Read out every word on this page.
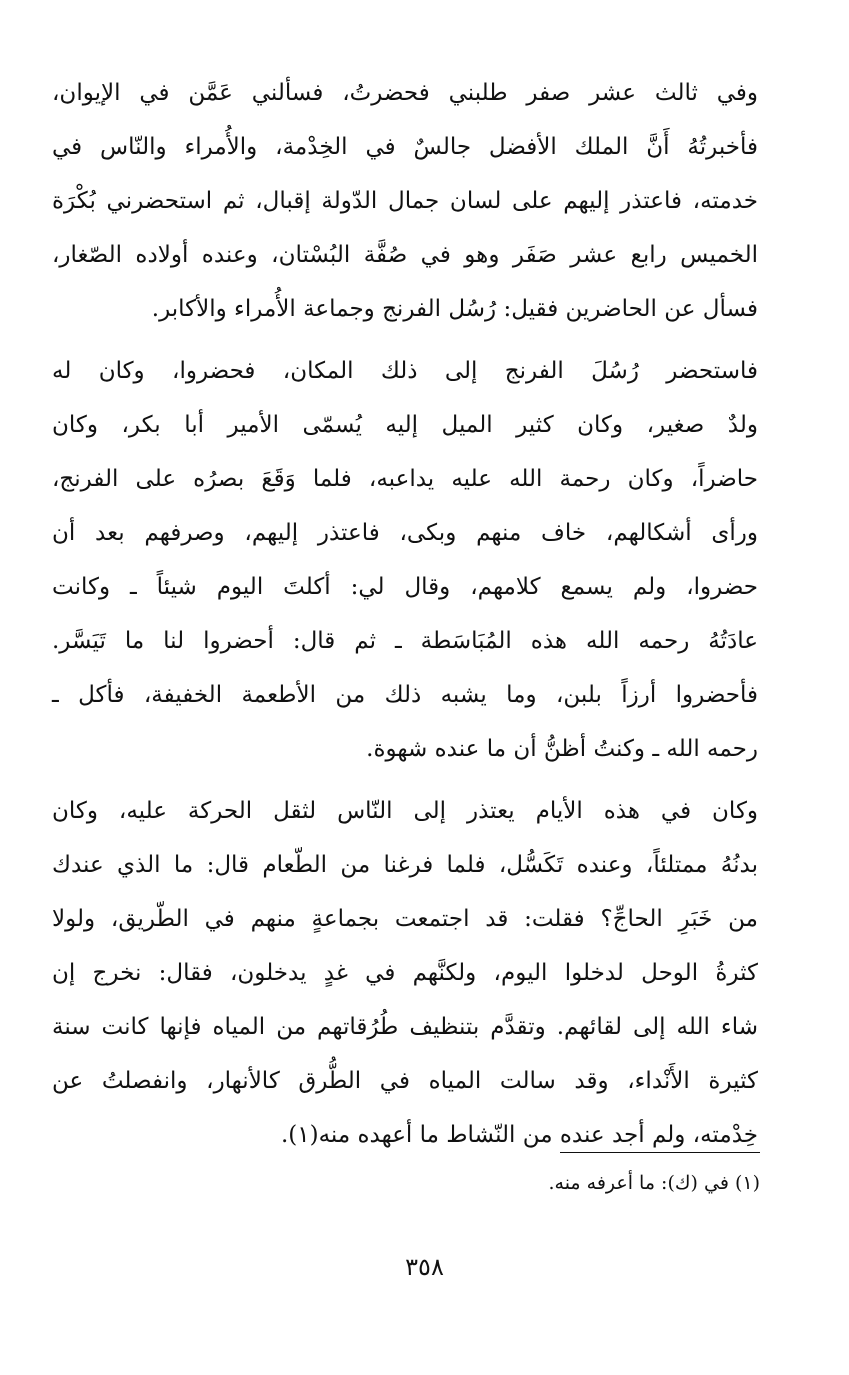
وفي ثالث عشر صفر طلبني فحضرتُ، فسألني عَمَّن في الإيوان،
فأخبرتُهُ أَنَّ الملك الأفضل جالسٌ في الخِدْمة، والأُمراء والنّاس في
خدمته، فاعتذر إليهم على لسان جمال الدّولة إقبال، ثم استحضرني بُكْرَة
الخميس رابع عشر صَفَر وهو في صُفَّة البُسْتان، وعنده أولاده الصّغار،
فسأل عن الحاضرين فقيل: رُسُل الفرنج وجماعة الأُمراء والأكابر.

فاستحضر رُسُلَ الفرنج إلى ذلك المكان، فحضروا، وكان له
ولدٌ صغير، وكان كثير الميل إليه يُسمّى الأمير أبا بكر، وكان
حاضراً، وكان رحمة الله عليه يداعبه، فلما وَقَعَ بصرُه على الفرنج،
ورأى أشكالهم، خاف منهم وبكى، فاعتذر إليهم، وصرفهم بعد أن
حضروا، ولم يسمع كلامهم، وقال لي: أكلتَ اليوم شيئاً ـ وكانت
عادَتُهُ رحمه الله هذه المُبَاسَطة ـ ثم قال: أحضروا لنا ما تَيَسَّر.
فأحضروا أرزاً بلبن، وما يشبه ذلك من الأطعمة الخفيفة، فأكل ـ
رحمه الله ـ وكنتُ أظنُّ أن ما عنده شهوة.

وكان في هذه الأيام يعتذر إلى النّاس لثقل الحركة عليه، وكان
بدنُهُ ممتلئاً، وعنده تَكَسُّل، فلما فرغنا من الطّعام قال: ما الذي عندك
من خَبَرِ الحاجِّ؟ فقلت: قد اجتمعت بجماعةٍ منهم في الطّريق، ولولا
كثرةُ الوحل لدخلوا اليوم، ولكنَّهم في غدٍ يدخلون، فقال: نخرج إن
شاء الله إلى لقائهم. وتقدَّم بتنظيف طُرُقاتهم من المياه فإنها كانت سنة
كثيرة الأَنْداء، وقد سالت المياه في الطُّرق كالأنهار، وانفصلتُ عن
خِدْمته، ولم أجد عنده من النّشاط ما أعهده منه(١).

(١) في (ك): ما أعرفه منه.
٣٥٨
